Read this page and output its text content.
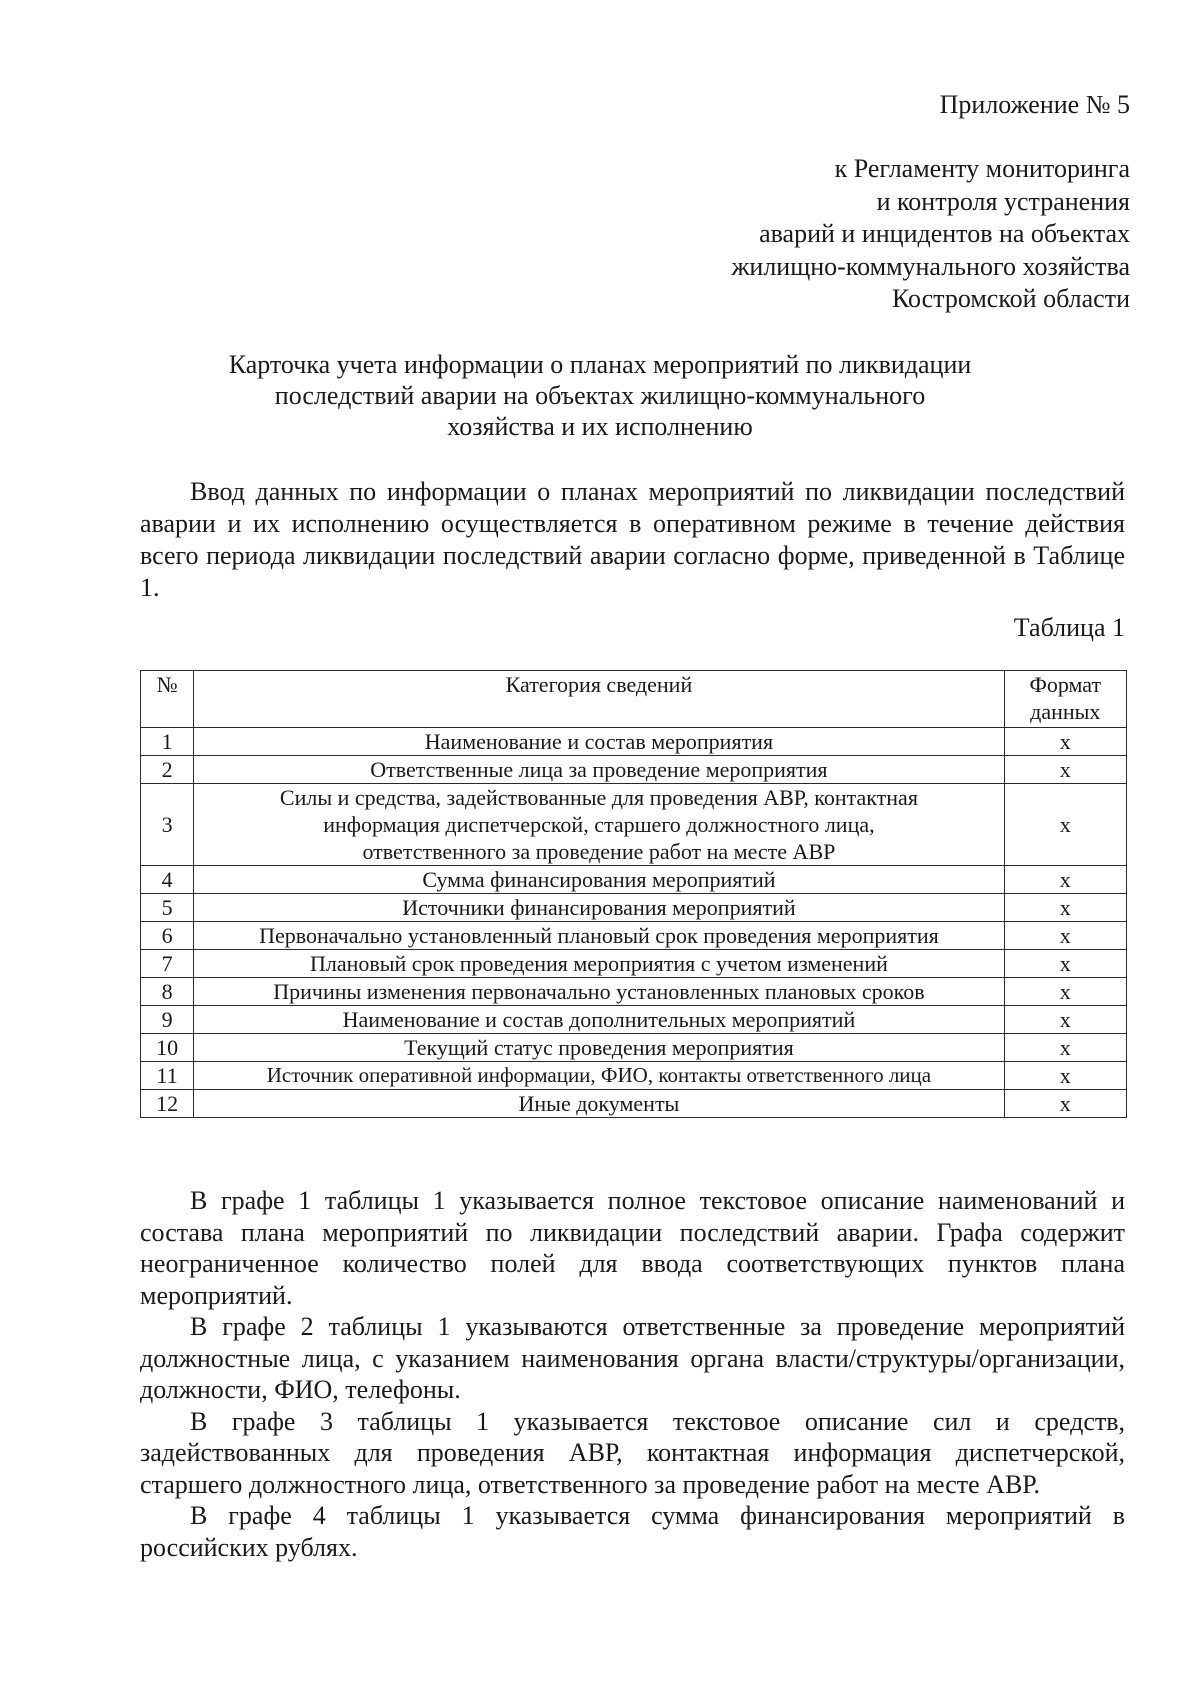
Приложение № 5
к Регламенту мониторинга
и контроля устранения
аварий и инцидентов на объектах
жилищно-коммунального хозяйства
Костромской области
Карточка учета информации о планах мероприятий по ликвидации
последствий аварии на объектах жилищно-коммунального
хозяйства и их исполнению

Ввод данных по информации о планах мероприятий по ликвидации последствий аварии и их исполнению осуществляется в оперативном режиме в течение действия всего периода ликвидации последствий аварии согласно форме, приведенной в Таблице 1.

Таблица 1
№	Категория сведений	Формат данных
1	Наименование и состав мероприятия	x
2	Ответственные лица за проведение мероприятия	x
3	Силы и средства, задействованные для проведения АВР, контактная информация диспетчерской, старшего должностного лица, ответственного за проведение работ на месте АВР	x
4	Сумма финансирования мероприятий	x
5	Источники финансирования мероприятий	x
6	Первоначально установленный плановый срок проведения мероприятия	x
7	Плановый срок проведения мероприятия с учетом изменений	x
8	Причины изменения первоначально установленных плановых сроков	x
9	Наименование и состав дополнительных мероприятий	x
10	Текущий статус проведения мероприятия	x
11	Источник оперативной информации, ФИО, контакты ответственного лица	x
12	Иные документы	x

В графе 1 таблицы 1 указывается полное текстовое описание наименований и состава плана мероприятий по ликвидации последствий аварии. Графа содержит неограниченное количество полей для ввода соответствующих пунктов плана мероприятий.

В графе 2 таблицы 1 указываются ответственные за проведение мероприятий должностные лица, с указанием наименования органа власти/структуры/организации, должности, ФИО, телефоны.

В графе 3 таблицы 1 указывается текстовое описание сил и средств, задействованных для проведения АВР, контактная информация диспетчерской, старшего должностного лица, ответственного за проведение работ на месте АВР.

В графе 4 таблицы 1 указывается сумма финансирования мероприятий в российских рублях.
